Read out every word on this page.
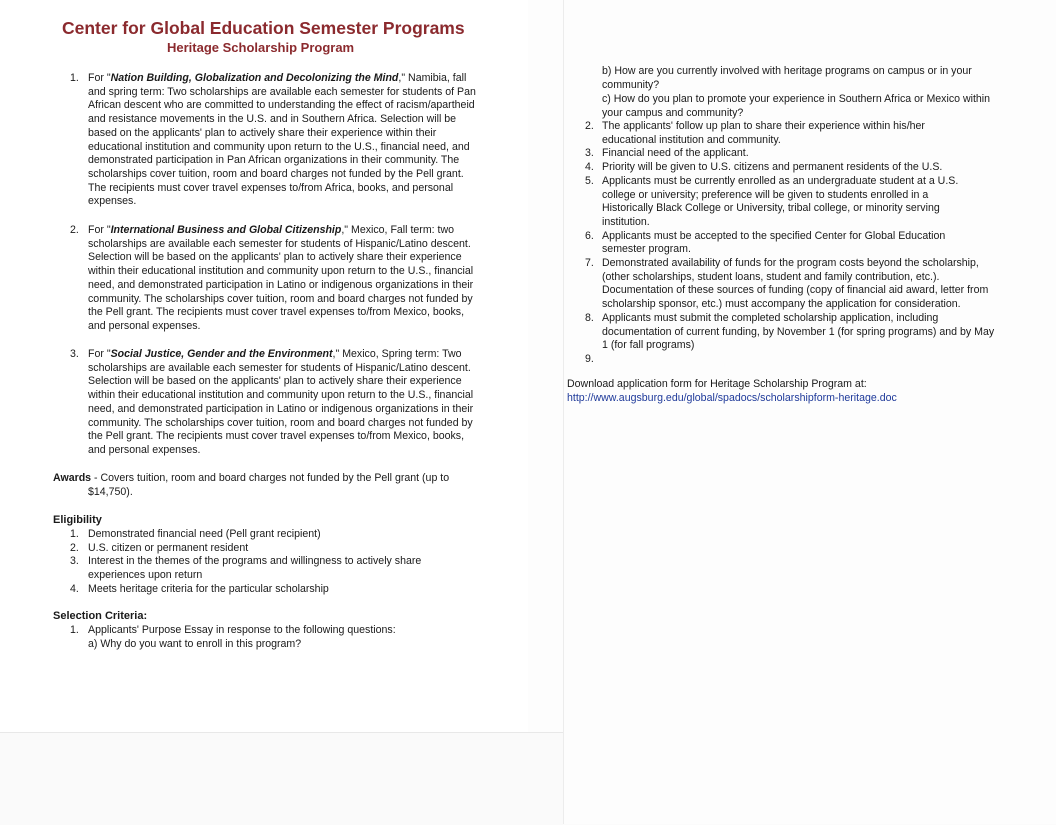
Center for Global Education Semester Programs
Heritage Scholarship Program
1. For "Nation Building, Globalization and Decolonizing the Mind," Namibia, fall and spring term: Two scholarships are available each semester for students of Pan African descent who are committed to understanding the effect of racism/apartheid and resistance movements in the U.S. and in Southern Africa. Selection will be based on the applicants' plan to actively share their experience within their educational institution and community upon return to the U.S., financial need, and demonstrated participation in Pan African organizations in their community. The scholarships cover tuition, room and board charges not funded by the Pell grant. The recipients must cover travel expenses to/from Africa, books, and personal expenses.
2. For "International Business and Global Citizenship," Mexico, Fall term: two scholarships are available each semester for students of Hispanic/Latino descent. Selection will be based on the applicants' plan to actively share their experience within their educational institution and community upon return to the U.S., financial need, and demonstrated participation in Latino or indigenous organizations in their community. The scholarships cover tuition, room and board charges not funded by the Pell grant. The recipients must cover travel expenses to/from Mexico, books, and personal expenses.
3. For "Social Justice, Gender and the Environment," Mexico, Spring term: Two scholarships are available each semester for students of Hispanic/Latino descent. Selection will be based on the applicants' plan to actively share their experience within their educational institution and community upon return to the U.S., financial need, and demonstrated participation in Latino or indigenous organizations in their community. The scholarships cover tuition, room and board charges not funded by the Pell grant. The recipients must cover travel expenses to/from Mexico, books, and personal expenses.
Awards - Covers tuition, room and board charges not funded by the Pell grant (up to
$14,750).
Eligibility
1. Demonstrated financial need (Pell grant recipient)
2. U.S. citizen or permanent resident
3. Interest in the themes of the programs and willingness to actively share experiences upon return
4. Meets heritage criteria for the particular scholarship
Selection Criteria:
1. Applicants' Purpose Essay in response to the following questions:
a) Why do you want to enroll in this program?
b) How are you currently involved with heritage programs on campus or in your community?
c) How do you plan to promote your experience in Southern Africa or Mexico within your campus and community?
2. The applicants' follow up plan to share their experience within his/her educational institution and community.
3. Financial need of the applicant.
4. Priority will be given to U.S. citizens and permanent residents of the U.S.
5. Applicants must be currently enrolled as an undergraduate student at a U.S. college or university; preference will be given to students enrolled in a Historically Black College or University, tribal college, or minority serving institution.
6. Applicants must be accepted to the specified Center for Global Education semester program.
7. Demonstrated availability of funds for the program costs beyond the scholarship, (other scholarships, student loans, student and family contribution, etc.). Documentation of these sources of funding (copy of financial aid award, letter from scholarship sponsor, etc.) must accompany the application for consideration.
8. Applicants must submit the completed scholarship application, including documentation of current funding, by November 1 (for spring programs) and by May 1 (for fall programs)
9.
Download application form for Heritage Scholarship Program at:
http://www.augsburg.edu/global/spadocs/scholarshipform-heritage.doc
